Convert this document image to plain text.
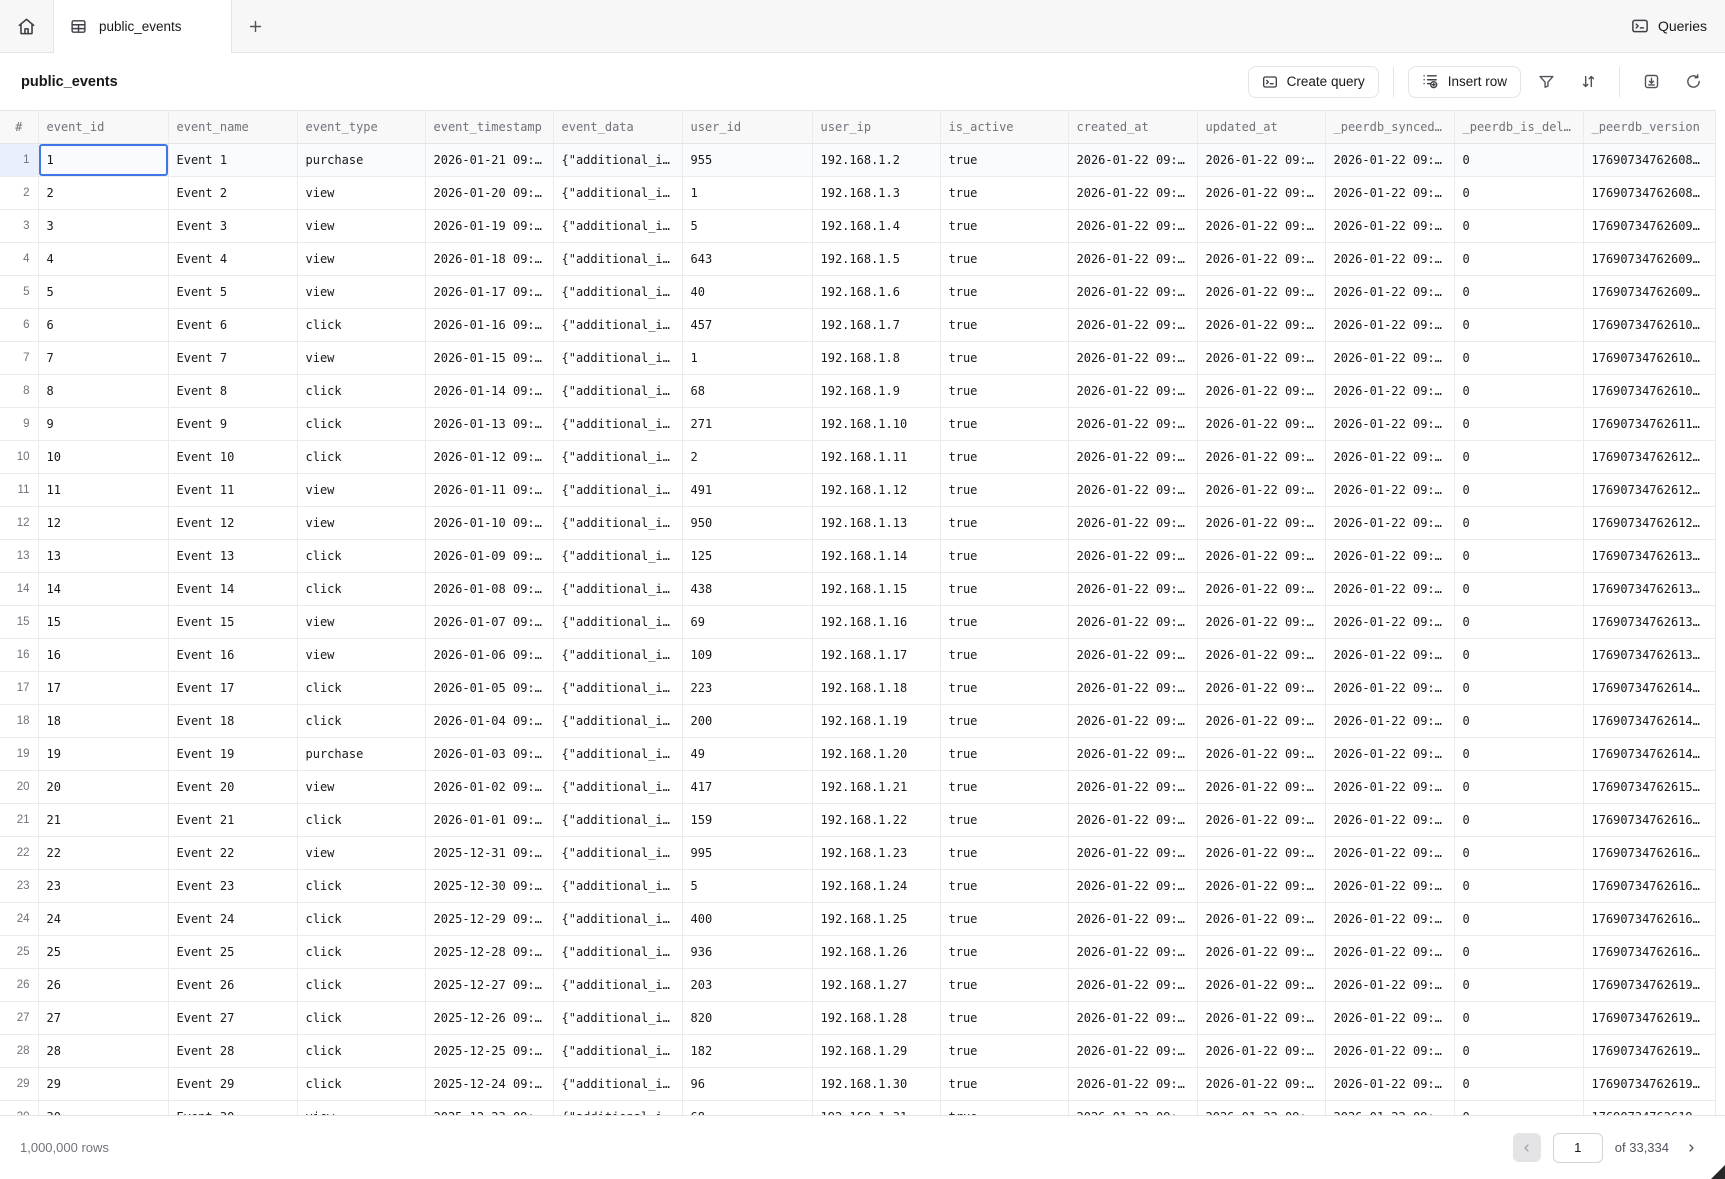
public_events	Queries
public_events	Create query	Insert row
#	event_id	event_name	event_type	event_timestamp	event_data	user_id	user_ip	is_active	created_at	updated_at	_peerdb_synced…	_peerdb_is_del…	_peerdb_version
1	1	Event 1	purchase	2026-01-21 09:…	{"additional_i…	955	192.168.1.2	true	2026-01-22 09:…	2026-01-22 09:…	2026-01-22 09:…	0	17690734762608…
2	2	Event 2	view	2026-01-20 09:…	{"additional_i…	1	192.168.1.3	true	2026-01-22 09:…	2026-01-22 09:…	2026-01-22 09:…	0	17690734762608…
3	3	Event 3	view	2026-01-19 09:…	{"additional_i…	5	192.168.1.4	true	2026-01-22 09:…	2026-01-22 09:…	2026-01-22 09:…	0	17690734762609…
4	4	Event 4	view	2026-01-18 09:…	{"additional_i…	643	192.168.1.5	true	2026-01-22 09:…	2026-01-22 09:…	2026-01-22 09:…	0	17690734762609…
5	5	Event 5	view	2026-01-17 09:…	{"additional_i…	40	192.168.1.6	true	2026-01-22 09:…	2026-01-22 09:…	2026-01-22 09:…	0	17690734762609…
6	6	Event 6	click	2026-01-16 09:…	{"additional_i…	457	192.168.1.7	true	2026-01-22 09:…	2026-01-22 09:…	2026-01-22 09:…	0	17690734762610…
7	7	Event 7	view	2026-01-15 09:…	{"additional_i…	1	192.168.1.8	true	2026-01-22 09:…	2026-01-22 09:…	2026-01-22 09:…	0	17690734762610…
8	8	Event 8	click	2026-01-14 09:…	{"additional_i…	68	192.168.1.9	true	2026-01-22 09:…	2026-01-22 09:…	2026-01-22 09:…	0	17690734762610…
9	9	Event 9	click	2026-01-13 09:…	{"additional_i…	271	192.168.1.10	true	2026-01-22 09:…	2026-01-22 09:…	2026-01-22 09:…	0	17690734762611…
10	10	Event 10	click	2026-01-12 09:…	{"additional_i…	2	192.168.1.11	true	2026-01-22 09:…	2026-01-22 09:…	2026-01-22 09:…	0	17690734762612…
11	11	Event 11	view	2026-01-11 09:…	{"additional_i…	491	192.168.1.12	true	2026-01-22 09:…	2026-01-22 09:…	2026-01-22 09:…	0	17690734762612…
12	12	Event 12	view	2026-01-10 09:…	{"additional_i…	950	192.168.1.13	true	2026-01-22 09:…	2026-01-22 09:…	2026-01-22 09:…	0	17690734762612…
13	13	Event 13	click	2026-01-09 09:…	{"additional_i…	125	192.168.1.14	true	2026-01-22 09:…	2026-01-22 09:…	2026-01-22 09:…	0	17690734762613…
14	14	Event 14	click	2026-01-08 09:…	{"additional_i…	438	192.168.1.15	true	2026-01-22 09:…	2026-01-22 09:…	2026-01-22 09:…	0	17690734762613…
15	15	Event 15	view	2026-01-07 09:…	{"additional_i…	69	192.168.1.16	true	2026-01-22 09:…	2026-01-22 09:…	2026-01-22 09:…	0	17690734762613…
16	16	Event 16	view	2026-01-06 09:…	{"additional_i…	109	192.168.1.17	true	2026-01-22 09:…	2026-01-22 09:…	2026-01-22 09:…	0	17690734762613…
17	17	Event 17	click	2026-01-05 09:…	{"additional_i…	223	192.168.1.18	true	2026-01-22 09:…	2026-01-22 09:…	2026-01-22 09:…	0	17690734762614…
18	18	Event 18	click	2026-01-04 09:…	{"additional_i…	200	192.168.1.19	true	2026-01-22 09:…	2026-01-22 09:…	2026-01-22 09:…	0	17690734762614…
19	19	Event 19	purchase	2026-01-03 09:…	{"additional_i…	49	192.168.1.20	true	2026-01-22 09:…	2026-01-22 09:…	2026-01-22 09:…	0	17690734762614…
20	20	Event 20	view	2026-01-02 09:…	{"additional_i…	417	192.168.1.21	true	2026-01-22 09:…	2026-01-22 09:…	2026-01-22 09:…	0	17690734762615…
21	21	Event 21	click	2026-01-01 09:…	{"additional_i…	159	192.168.1.22	true	2026-01-22 09:…	2026-01-22 09:…	2026-01-22 09:…	0	17690734762616…
22	22	Event 22	view	2025-12-31 09:…	{"additional_i…	995	192.168.1.23	true	2026-01-22 09:…	2026-01-22 09:…	2026-01-22 09:…	0	17690734762616…
23	23	Event 23	click	2025-12-30 09:…	{"additional_i…	5	192.168.1.24	true	2026-01-22 09:…	2026-01-22 09:…	2026-01-22 09:…	0	17690734762616…
24	24	Event 24	click	2025-12-29 09:…	{"additional_i…	400	192.168.1.25	true	2026-01-22 09:…	2026-01-22 09:…	2026-01-22 09:…	0	17690734762616…
25	25	Event 25	click	2025-12-28 09:…	{"additional_i…	936	192.168.1.26	true	2026-01-22 09:…	2026-01-22 09:…	2026-01-22 09:…	0	17690734762616…
26	26	Event 26	click	2025-12-27 09:…	{"additional_i…	203	192.168.1.27	true	2026-01-22 09:…	2026-01-22 09:…	2026-01-22 09:…	0	17690734762619…
27	27	Event 27	click	2025-12-26 09:…	{"additional_i…	820	192.168.1.28	true	2026-01-22 09:…	2026-01-22 09:…	2026-01-22 09:…	0	17690734762619…
28	28	Event 28	click	2025-12-25 09:…	{"additional_i…	182	192.168.1.29	true	2026-01-22 09:…	2026-01-22 09:…	2026-01-22 09:…	0	17690734762619…
29	29	Event 29	click	2025-12-24 09:…	{"additional_i…	96	192.168.1.30	true	2026-01-22 09:…	2026-01-22 09:…	2026-01-22 09:…	0	17690734762619…

1,000,000 rows
1	of 33,334
